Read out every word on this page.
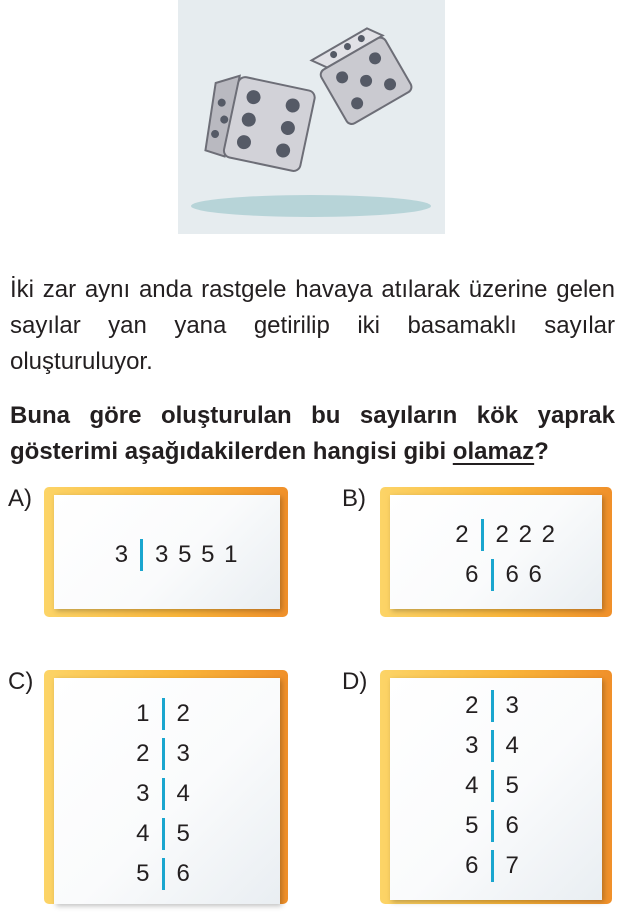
İki zar aynı anda rastgele havaya atılarak üzerine gelen sayılar yan yana getirilip iki basamaklı sayılar oluşturuluyor.

Buna göre oluşturulan bu sayıların kök yaprak gösterimi aşağıdakilerden hangisi gibi olamaz?

A)
3	3 5 5 1
B)
2	2 2 2
6	6 6
C)
1	2
2	3
3	4
4	5
5	6
D)
2	3
3	4
4	5
5	6
6	7
